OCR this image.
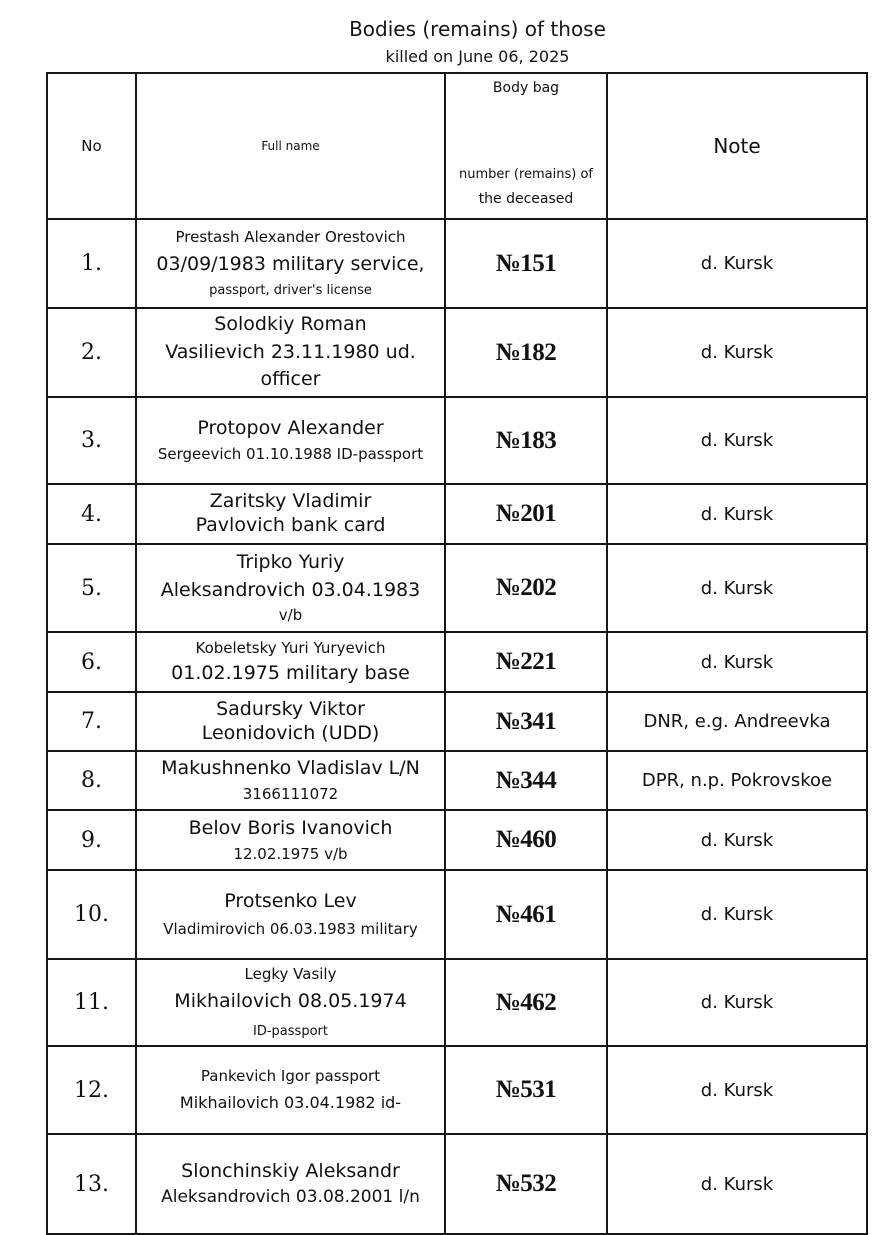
Bodies (remains) of those
killed on June 06, 2025
No	Full name	Body bag
number (remains) of
the deceased	Note
1.	Prestash Alexander Orestovich
03/09/1983 military service,
passport, driver's license	№151	d. Kursk
2.	Solodkiy Roman
Vasilievich 23.11.1980 ud.
officer	№182	d. Kursk
3.	Protopov Alexander
Sergeevich 01.10.1988 ID-passport	№183	d. Kursk
4.	Zaritsky Vladimir
Pavlovich bank card	№201	d. Kursk
5.	Tripko Yuriy
Aleksandrovich 03.04.1983
v/b	№202	d. Kursk
6.	Kobeletsky Yuri Yuryevich
01.02.1975 military base	№221	d. Kursk
7.	Sadursky Viktor
Leonidovich (UDD)	№341	DNR, e.g. Andreevka
8.	Makushnenko Vladislav L/N
3166111072	№344	DPR, n.p. Pokrovskoe
9.	Belov Boris Ivanovich
12.02.1975 v/b	№460	d. Kursk
10.	Protsenko Lev
Vladimirovich 06.03.1983 military	№461	d. Kursk
11.	Legky Vasily
Mikhailovich 08.05.1974
ID-passport	№462	d. Kursk
12.	Pankevich Igor passport
Mikhailovich 03.04.1982 id-	№531	d. Kursk
13.	Slonchinskiy Aleksandr
Aleksandrovich 03.08.2001 l/n	№532	d. Kursk
